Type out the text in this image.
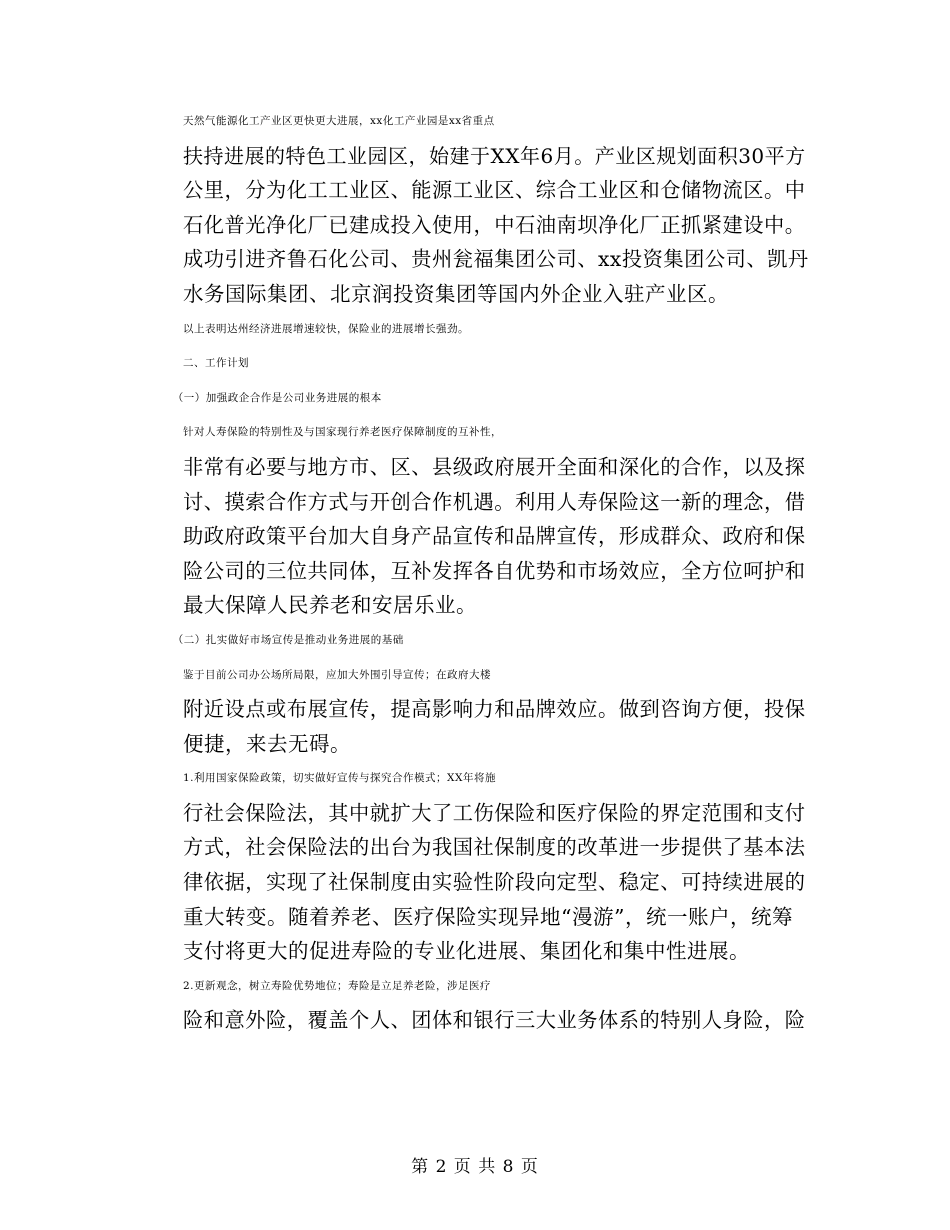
天然气能源化工产业区更快更大进展，xx化工产业园是xx省重点
扶持进展的特色工业园区，始建于XX年6月。产业区规划面积30平方
公里，分为化工工业区、能源工业区、综合工业区和仓储物流区。中
石化普光净化厂已建成投入使用，中石油南坝净化厂正抓紧建设中。
成功引进齐鲁石化公司、贵州瓮福集团公司、xx投资集团公司、凯丹
水务国际集团、北京润投资集团等国内外企业入驻产业区。

以上表明达州经济进展增速较快，保险业的进展增长强劲。

二、工作计划

（一）加强政企合作是公司业务进展的根本

针对人寿保险的特别性及与国家现行养老医疗保障制度的互补性，
非常有必要与地方市、区、县级政府展开全面和深化的合作，以及探
讨、摸索合作方式与开创合作机遇。利用人寿保险这一新的理念，借
助政府政策平台加大自身产品宣传和品牌宣传，形成群众、政府和保
险公司的三位共同体，互补发挥各自优势和市场效应，全方位呵护和
最大保障人民养老和安居乐业。

（二）扎实做好市场宣传是推动业务进展的基础

鉴于目前公司办公场所局限，应加大外围引导宣传；在政府大楼
附近设点或布展宣传，提高影响力和品牌效应。做到咨询方便，投保
便捷，来去无碍。

1.利用国家保险政策，切实做好宣传与探究合作模式；XX年将施
行社会保险法，其中就扩大了工伤保险和医疗保险的界定范围和支付
方式，社会保险法的出台为我国社保制度的改革进一步提供了基本法
律依据，实现了社保制度由实验性阶段向定型、稳定、可持续进展的
重大转变。随着养老、医疗保险实现异地“漫游”，统一账户，统筹
支付将更大的促进寿险的专业化进展、集团化和集中性进展。

2.更新观念，树立寿险优势地位；寿险是立足养老险，涉足医疗
险和意外险，覆盖个人、团体和银行三大业务体系的特别人身险，险

第 2 页 共 8 页
